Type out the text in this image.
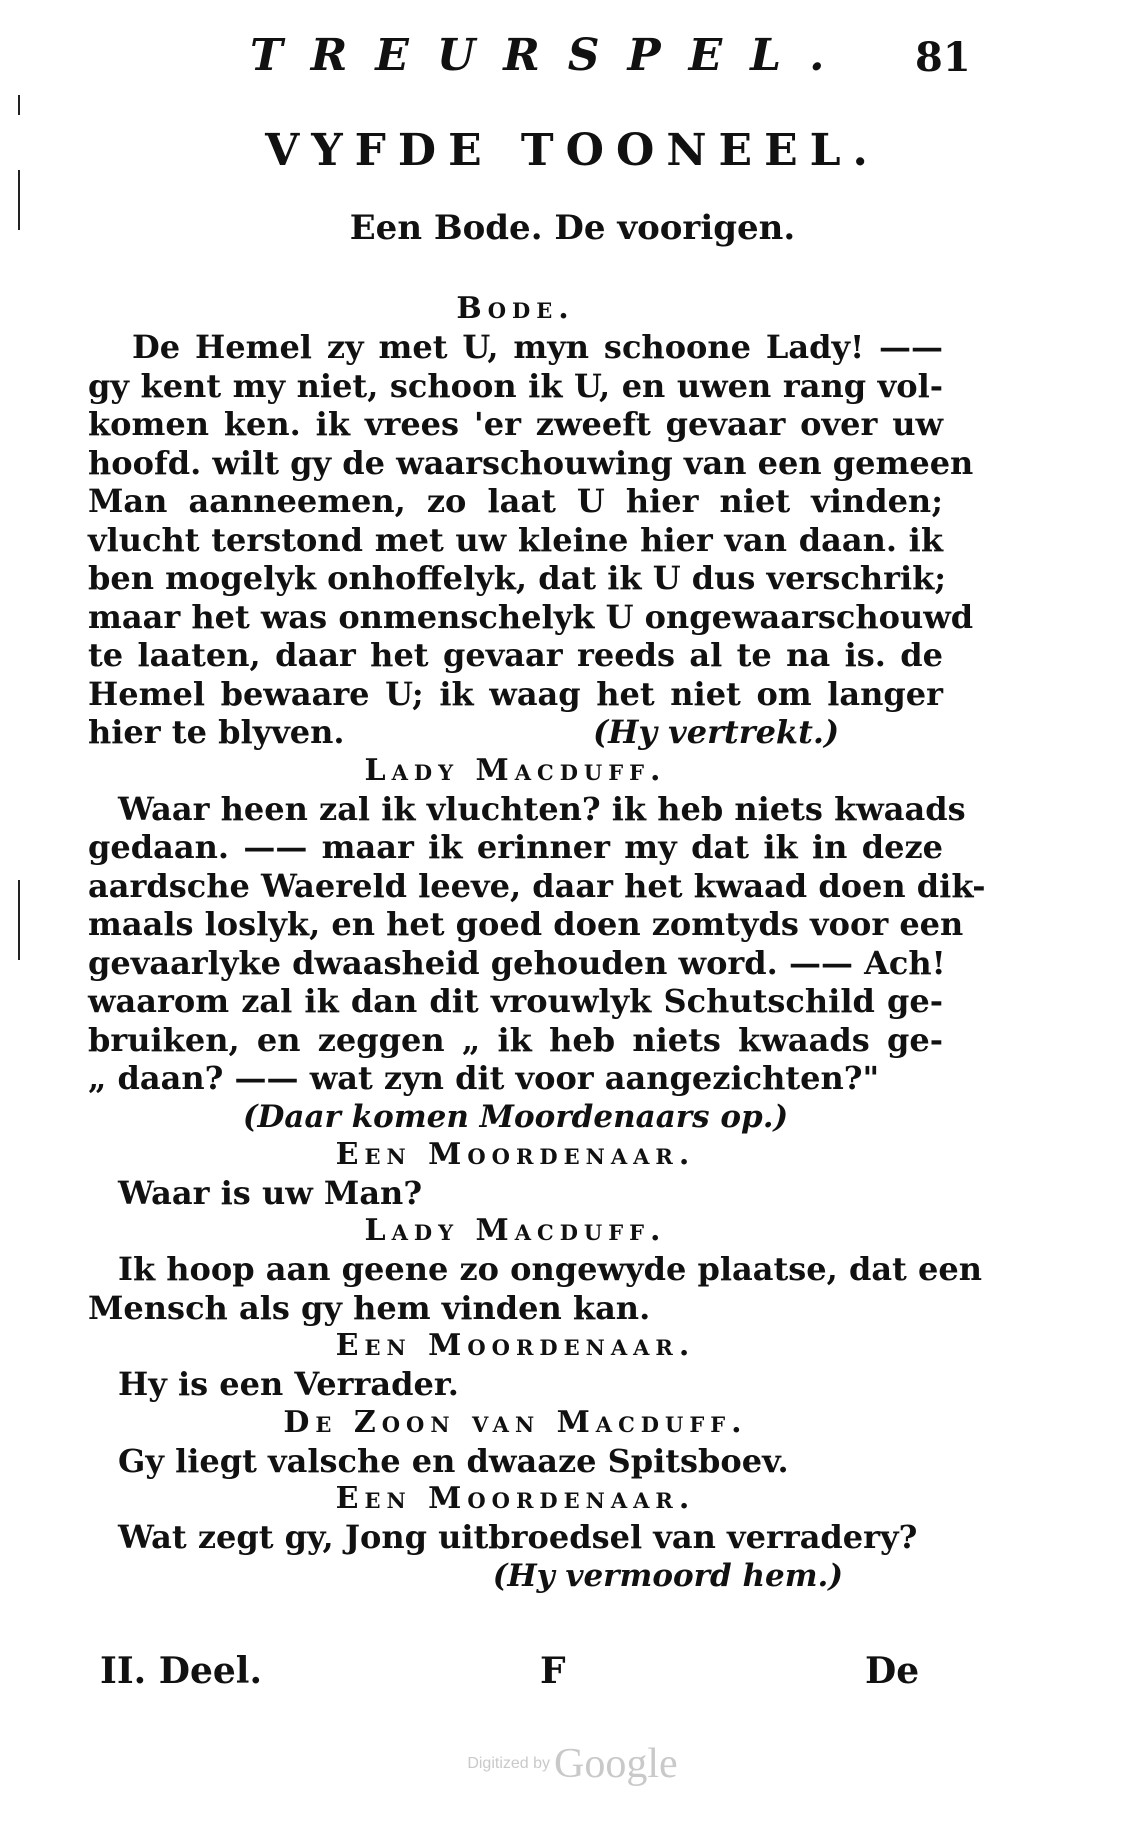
TREURSPEL. 81
VYFDE TOONEEL.
Een Bode. De voorigen.

Bode.

De Hemel zy met U, myn schoone Lady! ——
gy kent my niet, schoon ik U, en uwen rang vol-
komen ken. ik vrees 'er zweeft gevaar over uw
hoofd. wilt gy de waarschouwing van een gemeen
Man aanneemen, zo laat U hier niet vinden;
vlucht terstond met uw kleine hier van daan. ik
ben mogelyk onhoffelyk, dat ik U dus verschrik;
maar het was onmenschelyk U ongewaarschouwd
te laaten, daar het gevaar reeds al te na is. de
Hemel bewaare U; ik waag het niet om langer
hier te blyven.	(Hy vertrekt.)

Lady Macduff.

Waar heen zal ik vluchten? ik heb niets kwaads
gedaan. —— maar ik erinner my dat ik in deze
aardsche Waereld leeve, daar het kwaad doen dik-
maals loslyk, en het goed doen zomtyds voor een
gevaarlyke dwaasheid gehouden word. —— Ach!
waarom zal ik dan dit vrouwlyk Schutschild ge-
bruiken, en zeggen „ ik heb niets kwaads ge-
„ daan? —— wat zyn dit voor aangezichten?"

(Daar komen Moordenaars op.)

Een Moordenaar.

Waar is uw Man?

Lady Macduff.

Ik hoop aan geene zo ongewyde plaatse, dat een
Mensch als gy hem vinden kan.

Een Moordenaar.

Hy is een Verrader.

De Zoon van Macduff.

Gy liegt valsche en dwaaze Spitsboev.

Een Moordenaar.

Wat zegt gy, Jong uitbroedsel van verradery?

(Hy vermoord hem.)

II. Deel.	F	De
Digitized by Google
